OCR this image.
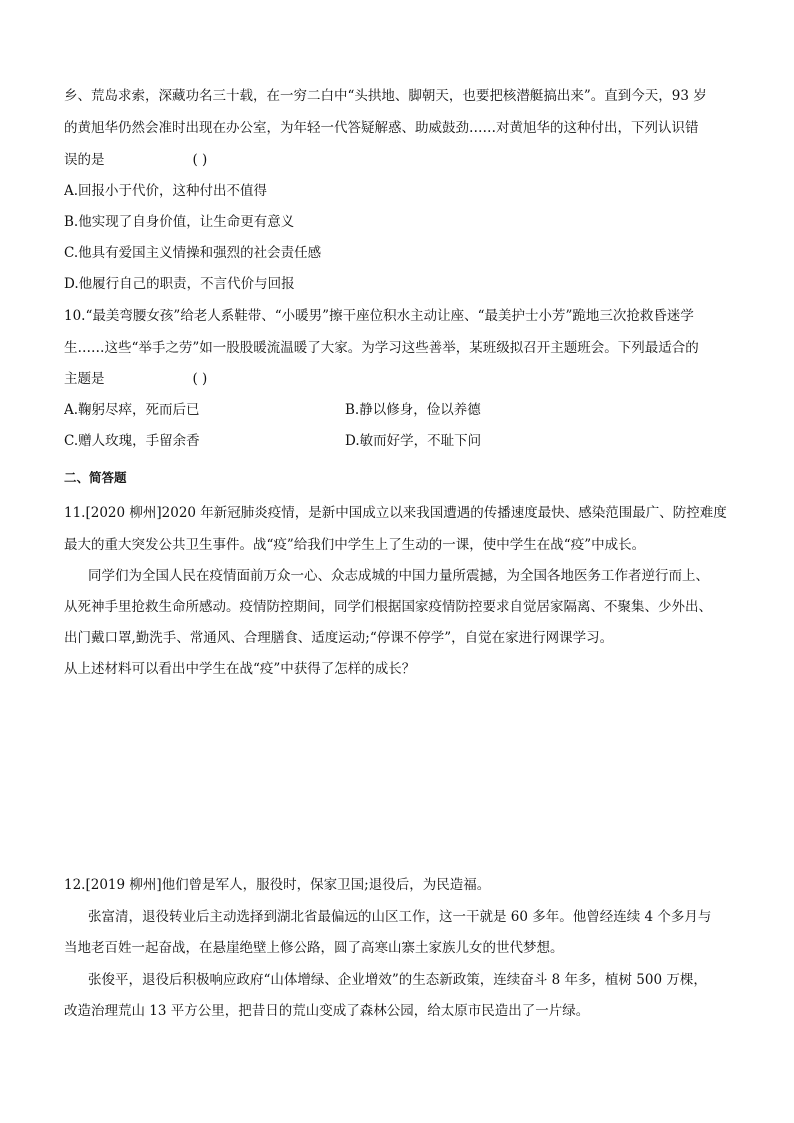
乡、荒岛求索，深藏功名三十载，在一穷二白中“头拱地、脚朝天，也要把核潜艇搞出来”。直到今天，93 岁
的黄旭华仍然会准时出现在办公室，为年轻一代答疑解惑、助威鼓劲……对黄旭华的这种付出，下列认识错
误的是	( )
A.回报小于代价，这种付出不值得
B.他实现了自身价值，让生命更有意义
C.他具有爱国主义情操和强烈的社会责任感
D.他履行自己的职责，不言代价与回报
10.“最美弯腰女孩”给老人系鞋带、“小暖男”擦干座位积水主动让座、“最美护士小芳”跪地三次抢救昏迷学
生……这些“举手之劳”如一股股暖流温暖了大家。为学习这些善举，某班级拟召开主题班会。下列最适合的
主题是	( )
A.鞠躬尽瘁，死而后已	B.静以修身，俭以养德
C.赠人玫瑰，手留余香	D.敏而好学，不耻下问
二、简答题
11.[2020 柳州]2020 年新冠肺炎疫情，是新中国成立以来我国遭遇的传播速度最快、感染范围最广、防控难度
最大的重大突发公共卫生事件。战“疫”给我们中学生上了生动的一课，使中学生在战“疫”中成长。
同学们为全国人民在疫情面前万众一心、众志成城的中国力量所震撼，为全国各地医务工作者逆行而上、
从死神手里抢救生命所感动。疫情防控期间，同学们根据国家疫情防控要求自觉居家隔离、不聚集、少外出、
出门戴口罩,勤洗手、常通风、合理膳食、适度运动;“停课不停学”，自觉在家进行网课学习。
从上述材料可以看出中学生在战“疫”中获得了怎样的成长？
12.[2019 柳州]他们曾是军人，服役时，保家卫国;退役后，为民造福。
张富清，退役转业后主动选择到湖北省最偏远的山区工作，这一干就是 60 多年。他曾经连续 4 个多月与
当地老百姓一起奋战，在悬崖绝壁上修公路，圆了高寒山寨土家族儿女的世代梦想。
张俊平，退役后积极响应政府“山体增绿、企业增效”的生态新政策，连续奋斗 8 年多，植树 500 万棵，
改造治理荒山 13 平方公里，把昔日的荒山变成了森林公园，给太原市民造出了一片绿。
